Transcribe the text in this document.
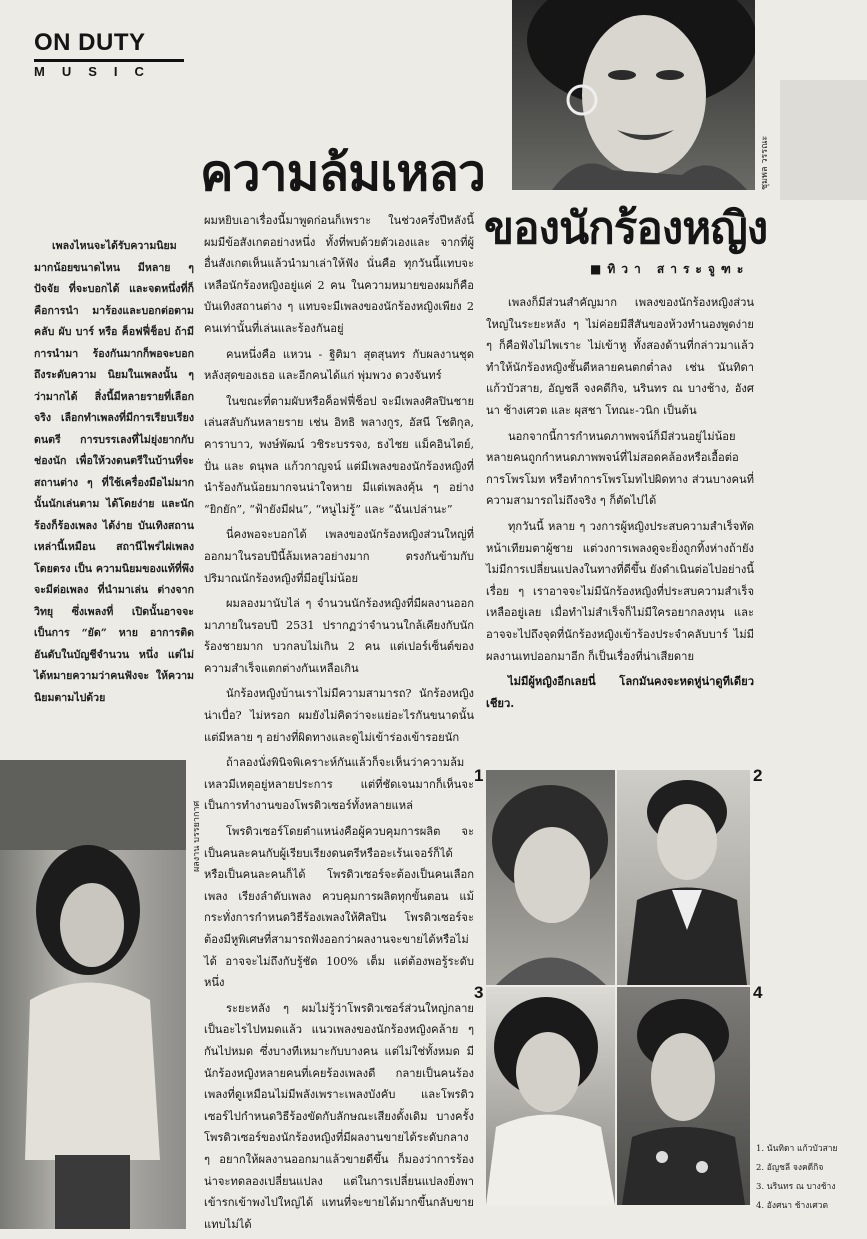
ON DUTY
MUSIC
ชุมพล วรรณะ
ความล้มเหลว
ของนักร้องหญิง
■ทิวา สาระจูฑะ

เพลงไหนจะได้รับความนิยม มากน้อยขนาดไหน มีหลาย ๆ ปัจจัย ที่จะบอกได้ และจดหนึ่งที่ก็คือการนำ มาร้องและบอกต่อตามคลับ ผับ บาร์ หรือ ค็อฟฟี่ช็อป ถ้ามีการนำมา ร้องกันมากก็พอจะบอกถึงระดับความ นิยมในเพลงนั้น ๆ ว่ามากได้ สิ่งนี้มีหลายรายที่เลือกจริง เลือกทำเพลงที่มีการเรียบเรียงดนตรี การบรรเลงที่ไม่ยุ่งยากกับช่องนัก เพื่อให้วงดนตรีในบ้านที่จะสถานต่าง ๆ ที่ใช้เครื่องมือไม่มากนั้นนักเล่นตาม ได้โดยง่าย และนักร้องก็ร้องเพลง ได้ง่าย บันเทิงสถานเหล่านี้เหมือน สถานีไพร่ไผ่เพลงโดยตรง เป็น ความนิยมของแท้ที่พึงจะมีต่อเพลง ที่นำมาเล่น ต่างจากวิทยุ ซึ่งเพลงที่ เปิดนั้นอาจจะเป็นการ “ยัด” หาย อาการติดอันดับในบัญชีจำนวน หนึ่ง แต่ไม่ได้หมายความว่าคนฟังจะ ให้ความนิยมตามไปด้วย

ผลงาน บรรยากาศ

ผมหยิบเอาเรื่องนี้มาพูดก่อนก็เพราะ ในช่วงครึ่งปีหลังนี้ผมมีข้อสังเกตอย่างหนึ่ง ทั้งที่พบด้วยตัวเองและ จากที่ผู้อื่นสังเกตเห็นแล้วนำมาเล่าให้ฟัง นั่นคือ ทุกวันนี้แทบจะเหลือนักร้องหญิงอยู่แค่ 2 คน ในความหมายของผมก็คือ บันเทิงสถานต่าง ๆ แทบจะมีเพลงของนักร้องหญิงเพียง 2 คนเท่านั้นที่เล่นและร้องกันอยู่

คนหนึ่งคือ แหวน - ฐิติมา สุตสุนทร กับผลงานชุดหลังสุดของเธอ และอีกคนได้แก่ พุ่มพวง ดวงจันทร์

ในขณะที่ตามผับหรือค็อฟฟี่ช็อป จะมีเพลงศิลปินชายเล่นสลับกันหลายราย เช่น อิทธิ พลางกูร, อัสนี โชติกุล, คาราบาว, พงษ์พัฒน์ วชิระบรรจง, ธงไชย แม็คอินไตย์, ปั่น และ ดนุพล แก้วกาญจน์ แต่มีเพลงของนักร้องหญิงที่นำร้องกันน้อยมากจนน่าใจหาย มีแต่เพลงคุ้น ๆ อย่าง “ยิกยัก”, “ฟ้ายังมีฝน”, “หนูไม่รู้” และ “ฉันเปล่านะ”

นี่คงพอจะบอกได้ เพลงของนักร้องหญิงส่วนใหญ่ที่ออกมาในรอบปีนี้ล้มเหลวอย่างมาก ตรงกันข้ามกับปริมาณนักร้องหญิงที่มีอยู่ไม่น้อย

ผมลองมานับไล่ ๆ จำนวนนักร้องหญิงที่มีผลงานออกมาภายในรอบปี 2531 ปรากฏว่าจำนวนใกล้เคียงกับนักร้องชายมาก บวกลบไม่เกิน 2 คน แต่เปอร์เซ็นต์ของความสำเร็จแตกต่างกันเหลือเกิน

นักร้องหญิงบ้านเราไม่มีความสามารถ? นักร้องหญิงน่าเบื่อ? ไม่หรอก ผมยังไม่คิดว่าจะแย่อะไรกันขนาดนั้น แต่มีหลาย ๆ อย่างที่ผิดทางและดูไม่เข้าร่องเข้ารอยนัก

ถ้าลองนั่งพินิจพิเคราะห์กันแล้วก็จะเห็นว่าความล้มเหลวมีเหตุอยู่หลายประการ แต่ที่ชัดเจนมากก็เห็นจะเป็นการทำงานของโพรดิวเซอร์ทั้งหลายแหล่

โพรดิวเซอร์โดยตำแหน่งคือผู้ควบคุมการผลิต จะเป็นคนละคนกับผู้เรียบเรียงดนตรีหรืออะเร้นเจอร์ก็ได้ หรือเป็นคนละคนก็ได้ โพรดิวเซอร์จะต้องเป็นคนเลือกเพลง เรียงลำดับเพลง ควบคุมการผลิตทุกขั้นตอน แม้กระทั่งการกำหนดวิธีร้องเพลงให้ศิลปิน โพรดิวเซอร์จะต้องมีหูพิเศษที่สามารถฟังออกว่าผลงานจะขายได้หรือไม่ได้ อาจจะไม่ถึงกับรู้ชัด 100% เต็ม แต่ต้องพอรู้ระดับหนึ่ง

ระยะหลัง ๆ ผมไม่รู้ว่าโพรดิวเซอร์ส่วนใหญ่กลายเป็นอะไรไปหมดแล้ว แนวเพลงของนักร้องหญิงคล้าย ๆ กันไปหมด ซึ่งบางทีเหมาะกับบางคน แต่ไม่ใช่ทั้งหมด มีนักร้องหญิงหลายคนที่เคยร้องเพลงดี กลายเป็นคนร้องเพลงที่ดูเหมือนไม่มีพลังเพราะเพลงบังคับ และโพรดิวเซอร์ไปกำหนดวิธีร้องขัดกับลักษณะเสียงดั้งเดิม บางครั้งโพรดิวเซอร์ของนักร้องหญิงที่มีผลงานขายได้ระดับกลาง ๆ อยากให้ผลงานออกมาแล้วขายดีขึ้น ก็มองว่าการร้องน่าจะทดลองเปลี่ยนแปลง แต่ในการเปลี่ยนแปลงยิ่งพาเข้ารกเข้าพงไปใหญ่ได้ แทนที่จะขายได้มากขึ้นกลับขายแทบไม่ได้

เพลงก็มีส่วนสำคัญมาก เพลงของนักร้องหญิงส่วนใหญ่ในระยะหลัง ๆ ไม่ค่อยมีสีสันของห้วงทำนองพูดง่าย ๆ ก็คือฟังไม่ไพเราะ ไม่เข้าหู ทั้งสองด้านที่กล่าวมาแล้วทำให้นักร้องหญิงชั้นดีหลายคนตกต่ำลง เช่น นันทิดา แก้วบัวสาย, อัญชลี จงคดีกิจ, นรินทร ณ บางช้าง, อังศนา ช้างเศวต และ ผุสชา โทณะ-วนิก เป็นต้น

นอกจากนี้การกำหนดภาพพจน์ก็มีส่วนอยู่ไม่น้อย หลายคนถูกกำหนดภาพพจน์ที่ไม่สอดคล้องหรือเอื้อต่อการโพรโมท หรือทำการโพรโมทไปผิดทาง ส่วนบางคนที่ความสามารถไม่ถึงจริง ๆ ก็ตัดไปได้

ทุกวันนี้ หลาย ๆ วงการผู้หญิงประสบความสำเร็จทัดหน้าเทียมตาผู้ชาย แต่วงการเพลงดูจะยิ่งถูกทิ้งห่างถ้ายังไม่มีการเปลี่ยนแปลงในทางที่ดีขึ้น ยังดำเนินต่อไปอย่างนี้เรื่อย ๆ เราอาจจะไม่มีนักร้องหญิงที่ประสบความสำเร็จเหลืออยู่เลย เมื่อทำไม่สำเร็จก็ไม่มีใครอยากลงทุน และอาจจะไปถึงจุดที่นักร้องหญิงเข้าร้องประจำคลับบาร์ ไม่มีผลงานเทปออกมาอีก ก็เป็นเรื่องที่น่าเสียดาย

ไม่มีผู้หญิงอีกเลยนี่ โลกมันคงจะหดหู่น่าดูทีเดียวเชียว.

1	2
3	4
1. นันทิดา แก้วบัวสาย
2. อัญชลี จงคดีกิจ
3. นรินทร ณ บางช้าง
4. อังศนา ช้างเศวต
